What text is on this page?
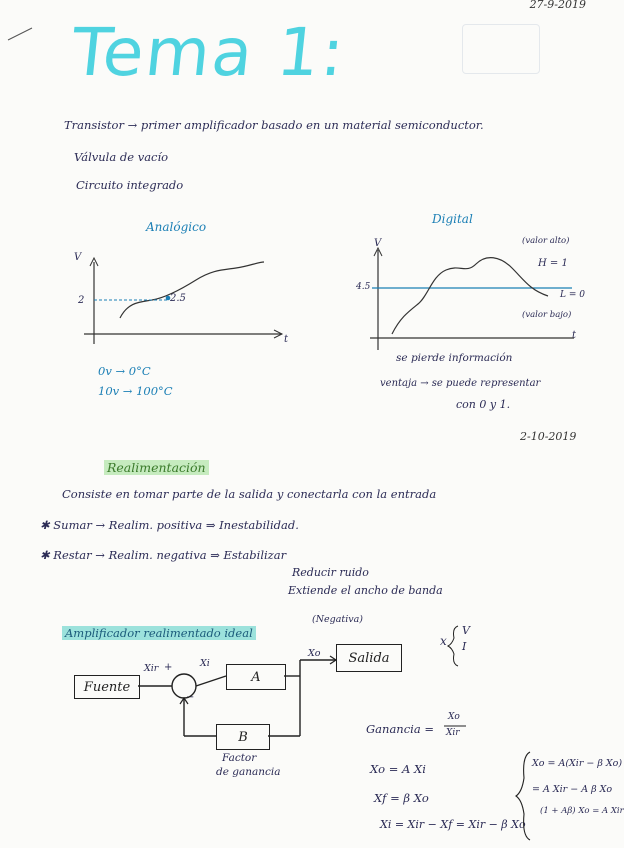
27-9-2019
Tema 1:
Transistor → primer amplificador basado en un material semiconductor.
Válvula de vacío
Circuito integrado
Analógico
V
t
2	2.5
0v → 0°C
10v → 100°C
Digital
V
t
4.5
(valor alto)
H = 1
L = 0
(valor bajo)
se pierde información
ventaja → se puede representar
con 0 y 1.
2-10-2019
Realimentación
Consiste en tomar parte de la salida y conectarla con la entrada
✱ Sumar → Realim. positiva ⇒ Inestabilidad.
✱ Restar → Realim. negativa ⇒ Estabilizar
Reducir ruido
Extiende el ancho de banda
Amplificador realimentado ideal
(Negativa)
x
V
I
Fuente
A
Salida
B
Xir +
−
Xi
Xo
Factor
de ganancia
Ganancia =
Xo
Xir
Xo = A Xi
Xf = β Xo
Xi = Xir − Xf = Xir − β Xo
Xo = A(Xir − β Xo)
= A Xir − A β Xo
(1 + Aβ) Xo = A Xir
